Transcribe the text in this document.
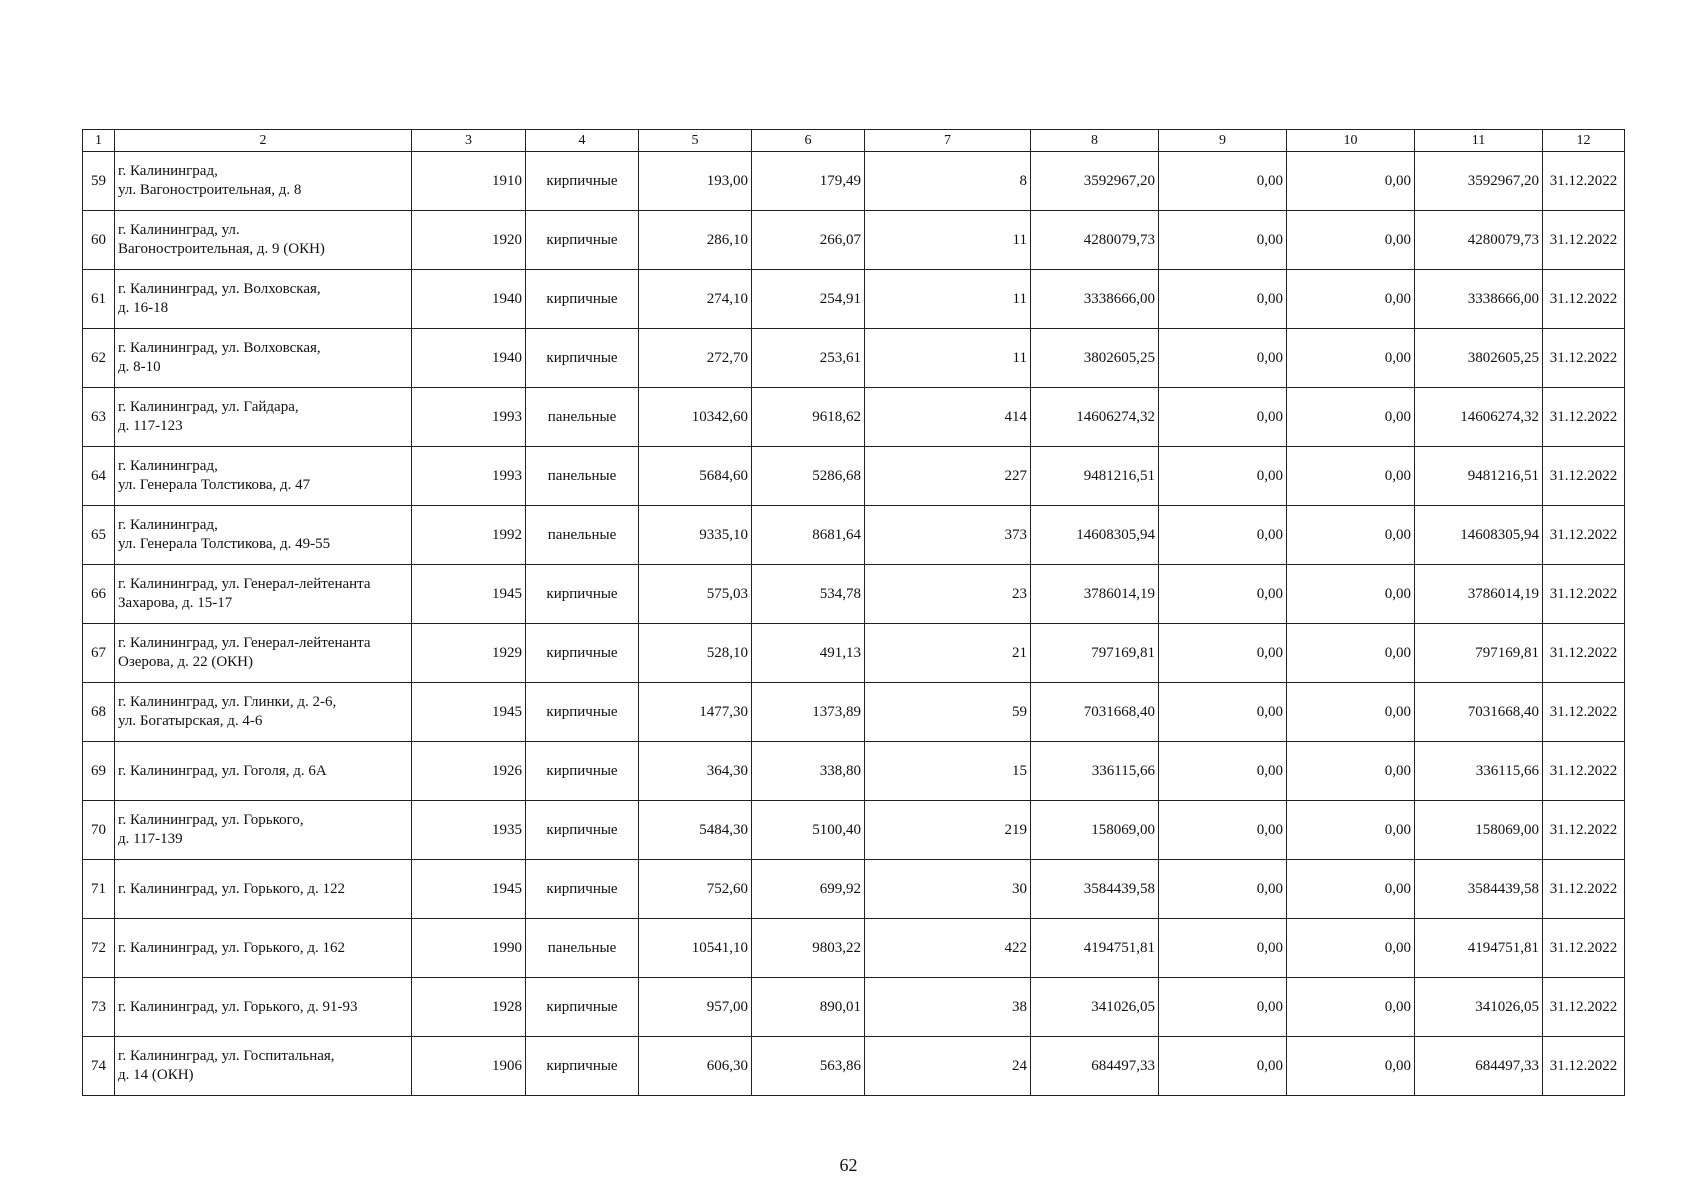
1	2	3	4	5	6	7	8	9	10	11	12
59	г. Калининград,
ул. Вагоностроительная, д. 8	1910	кирпичные	193,00	179,49	8	3592967,20	0,00	0,00	3592967,20	31.12.2022
60	г. Калининград, ул.
Вагоностроительная, д. 9 (ОКН)	1920	кирпичные	286,10	266,07	11	4280079,73	0,00	0,00	4280079,73	31.12.2022
61	г. Калининград, ул. Волховская,
д. 16-18	1940	кирпичные	274,10	254,91	11	3338666,00	0,00	0,00	3338666,00	31.12.2022
62	г. Калининград, ул. Волховская,
д. 8-10	1940	кирпичные	272,70	253,61	11	3802605,25	0,00	0,00	3802605,25	31.12.2022
63	г. Калининград, ул. Гайдара,
д. 117-123	1993	панельные	10342,60	9618,62	414	14606274,32	0,00	0,00	14606274,32	31.12.2022
64	г. Калининград,
ул. Генерала Толстикова, д. 47	1993	панельные	5684,60	5286,68	227	9481216,51	0,00	0,00	9481216,51	31.12.2022
65	г. Калининград,
ул. Генерала Толстикова, д. 49-55	1992	панельные	9335,10	8681,64	373	14608305,94	0,00	0,00	14608305,94	31.12.2022
66	г. Калининград, ул. Генерал-лейтенанта
Захарова, д. 15-17	1945	кирпичные	575,03	534,78	23	3786014,19	0,00	0,00	3786014,19	31.12.2022
67	г. Калининград, ул. Генерал-лейтенанта
Озерова, д. 22 (ОКН)	1929	кирпичные	528,10	491,13	21	797169,81	0,00	0,00	797169,81	31.12.2022
68	г. Калининград, ул. Глинки, д. 2-6,
ул. Богатырская, д. 4-6	1945	кирпичные	1477,30	1373,89	59	7031668,40	0,00	0,00	7031668,40	31.12.2022
69	г. Калининград, ул. Гоголя, д. 6А	1926	кирпичные	364,30	338,80	15	336115,66	0,00	0,00	336115,66	31.12.2022
70	г. Калининград, ул. Горького,
д. 117-139	1935	кирпичные	5484,30	5100,40	219	158069,00	0,00	0,00	158069,00	31.12.2022
71	г. Калининград, ул. Горького, д. 122	1945	кирпичные	752,60	699,92	30	3584439,58	0,00	0,00	3584439,58	31.12.2022
72	г. Калининград, ул. Горького, д. 162	1990	панельные	10541,10	9803,22	422	4194751,81	0,00	0,00	4194751,81	31.12.2022
73	г. Калининград, ул. Горького, д. 91-93	1928	кирпичные	957,00	890,01	38	341026,05	0,00	0,00	341026,05	31.12.2022
74	г. Калининград, ул. Госпитальная,
д. 14 (ОКН)	1906	кирпичные	606,30	563,86	24	684497,33	0,00	0,00	684497,33	31.12.2022
62
